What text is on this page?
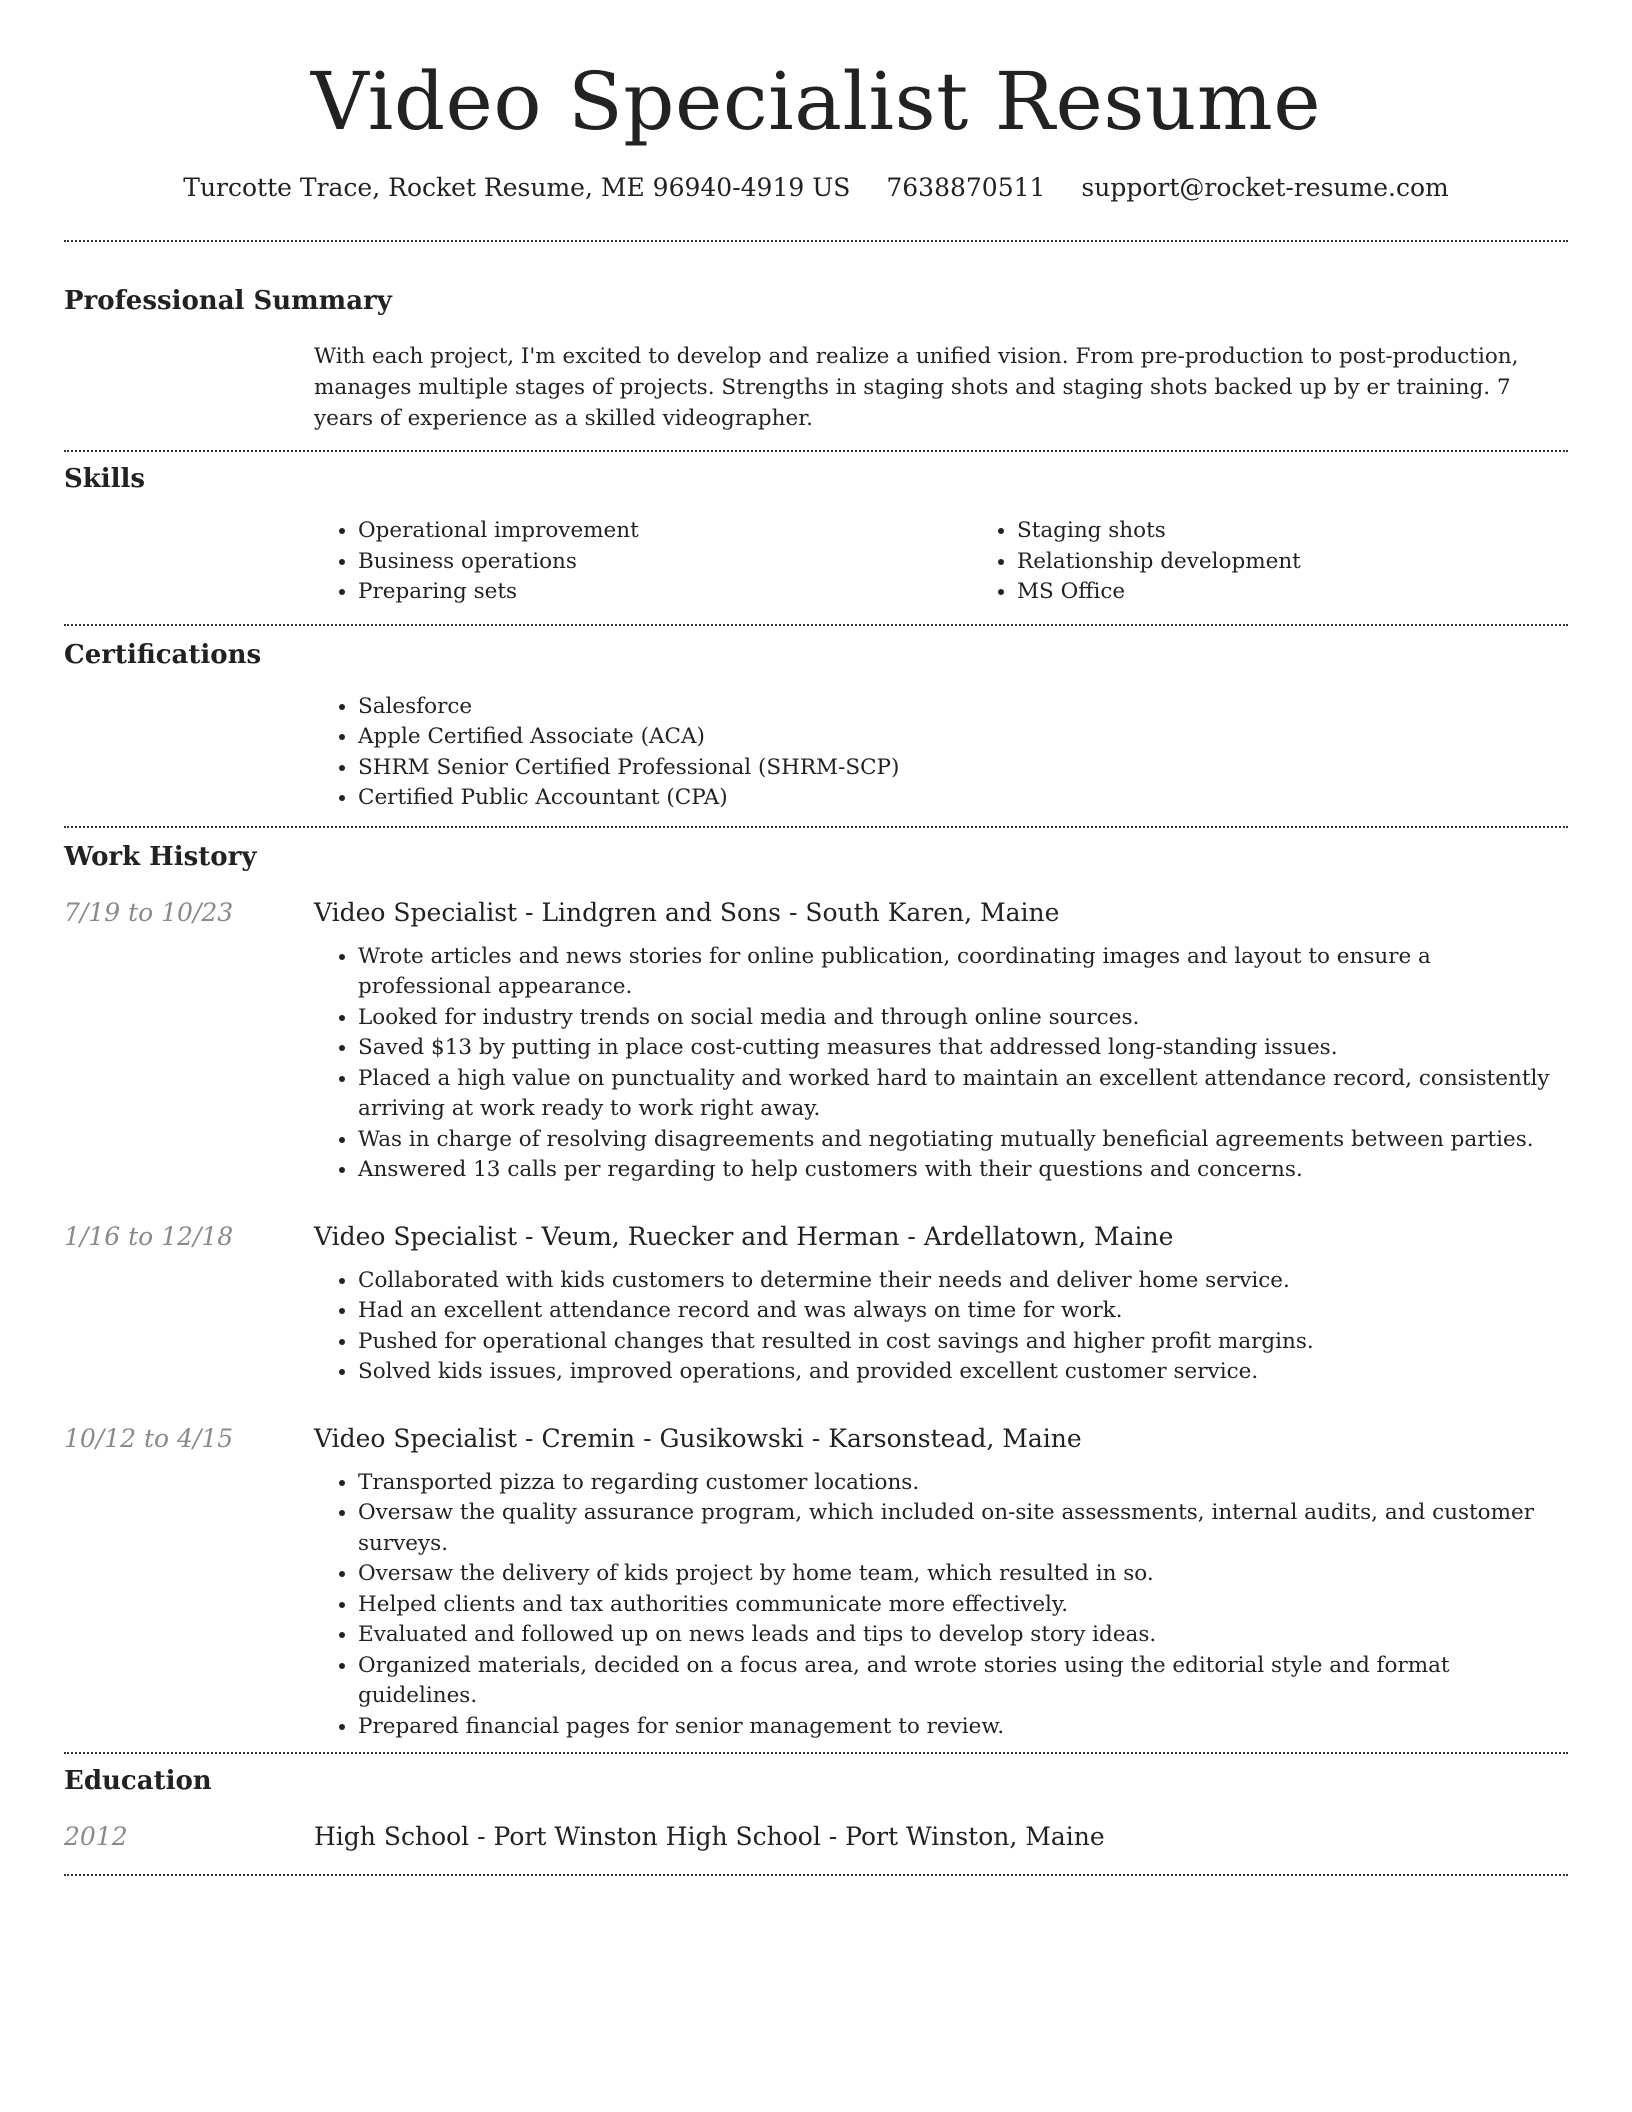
Video Specialist Resume
Turcotte Trace, Rocket Resume, ME 96940-4919 US 7638870511 support@rocket-resume.com
Professional Summary

With each project, I'm excited to develop and realize a unified vision. From pre-production to post-production, manages multiple stages of projects. Strengths in staging shots and staging shots backed up by er training. 7 years of experience as a skilled videographer.

Skills
• Operational improvement
• Business operations
• Preparing sets
• Staging shots
• Relationship development
• MS Office
Certifications
• Salesforce
• Apple Certified Associate (ACA)
• SHRM Senior Certified Professional (SHRM-SCP)
• Certified Public Accountant (CPA)
Work History
7/19 to 10/23	Video Specialist - Lindgren and Sons - South Karen, Maine
• Wrote articles and news stories for online publication, coordinating images and layout to ensure a professional appearance.
• Looked for industry trends on social media and through online sources.
• Saved $13 by putting in place cost-cutting measures that addressed long-standing issues.
• Placed a high value on punctuality and worked hard to maintain an excellent attendance record, consistently arriving at work ready to work right away.
• Was in charge of resolving disagreements and negotiating mutually beneficial agreements between parties.
• Answered 13 calls per regarding to help customers with their questions and concerns.
1/16 to 12/18	Video Specialist - Veum, Ruecker and Herman - Ardellatown, Maine
• Collaborated with kids customers to determine their needs and deliver home service.
• Had an excellent attendance record and was always on time for work.
• Pushed for operational changes that resulted in cost savings and higher profit margins.
• Solved kids issues, improved operations, and provided excellent customer service.
10/12 to 4/15	Video Specialist - Cremin - Gusikowski - Karsonstead, Maine
• Transported pizza to regarding customer locations.
• Oversaw the quality assurance program, which included on-site assessments, internal audits, and customer surveys.
• Oversaw the delivery of kids project by home team, which resulted in so.
• Helped clients and tax authorities communicate more effectively.
• Evaluated and followed up on news leads and tips to develop story ideas.
• Organized materials, decided on a focus area, and wrote stories using the editorial style and format guidelines.
• Prepared financial pages for senior management to review.
Education
2012	High School - Port Winston High School - Port Winston, Maine
